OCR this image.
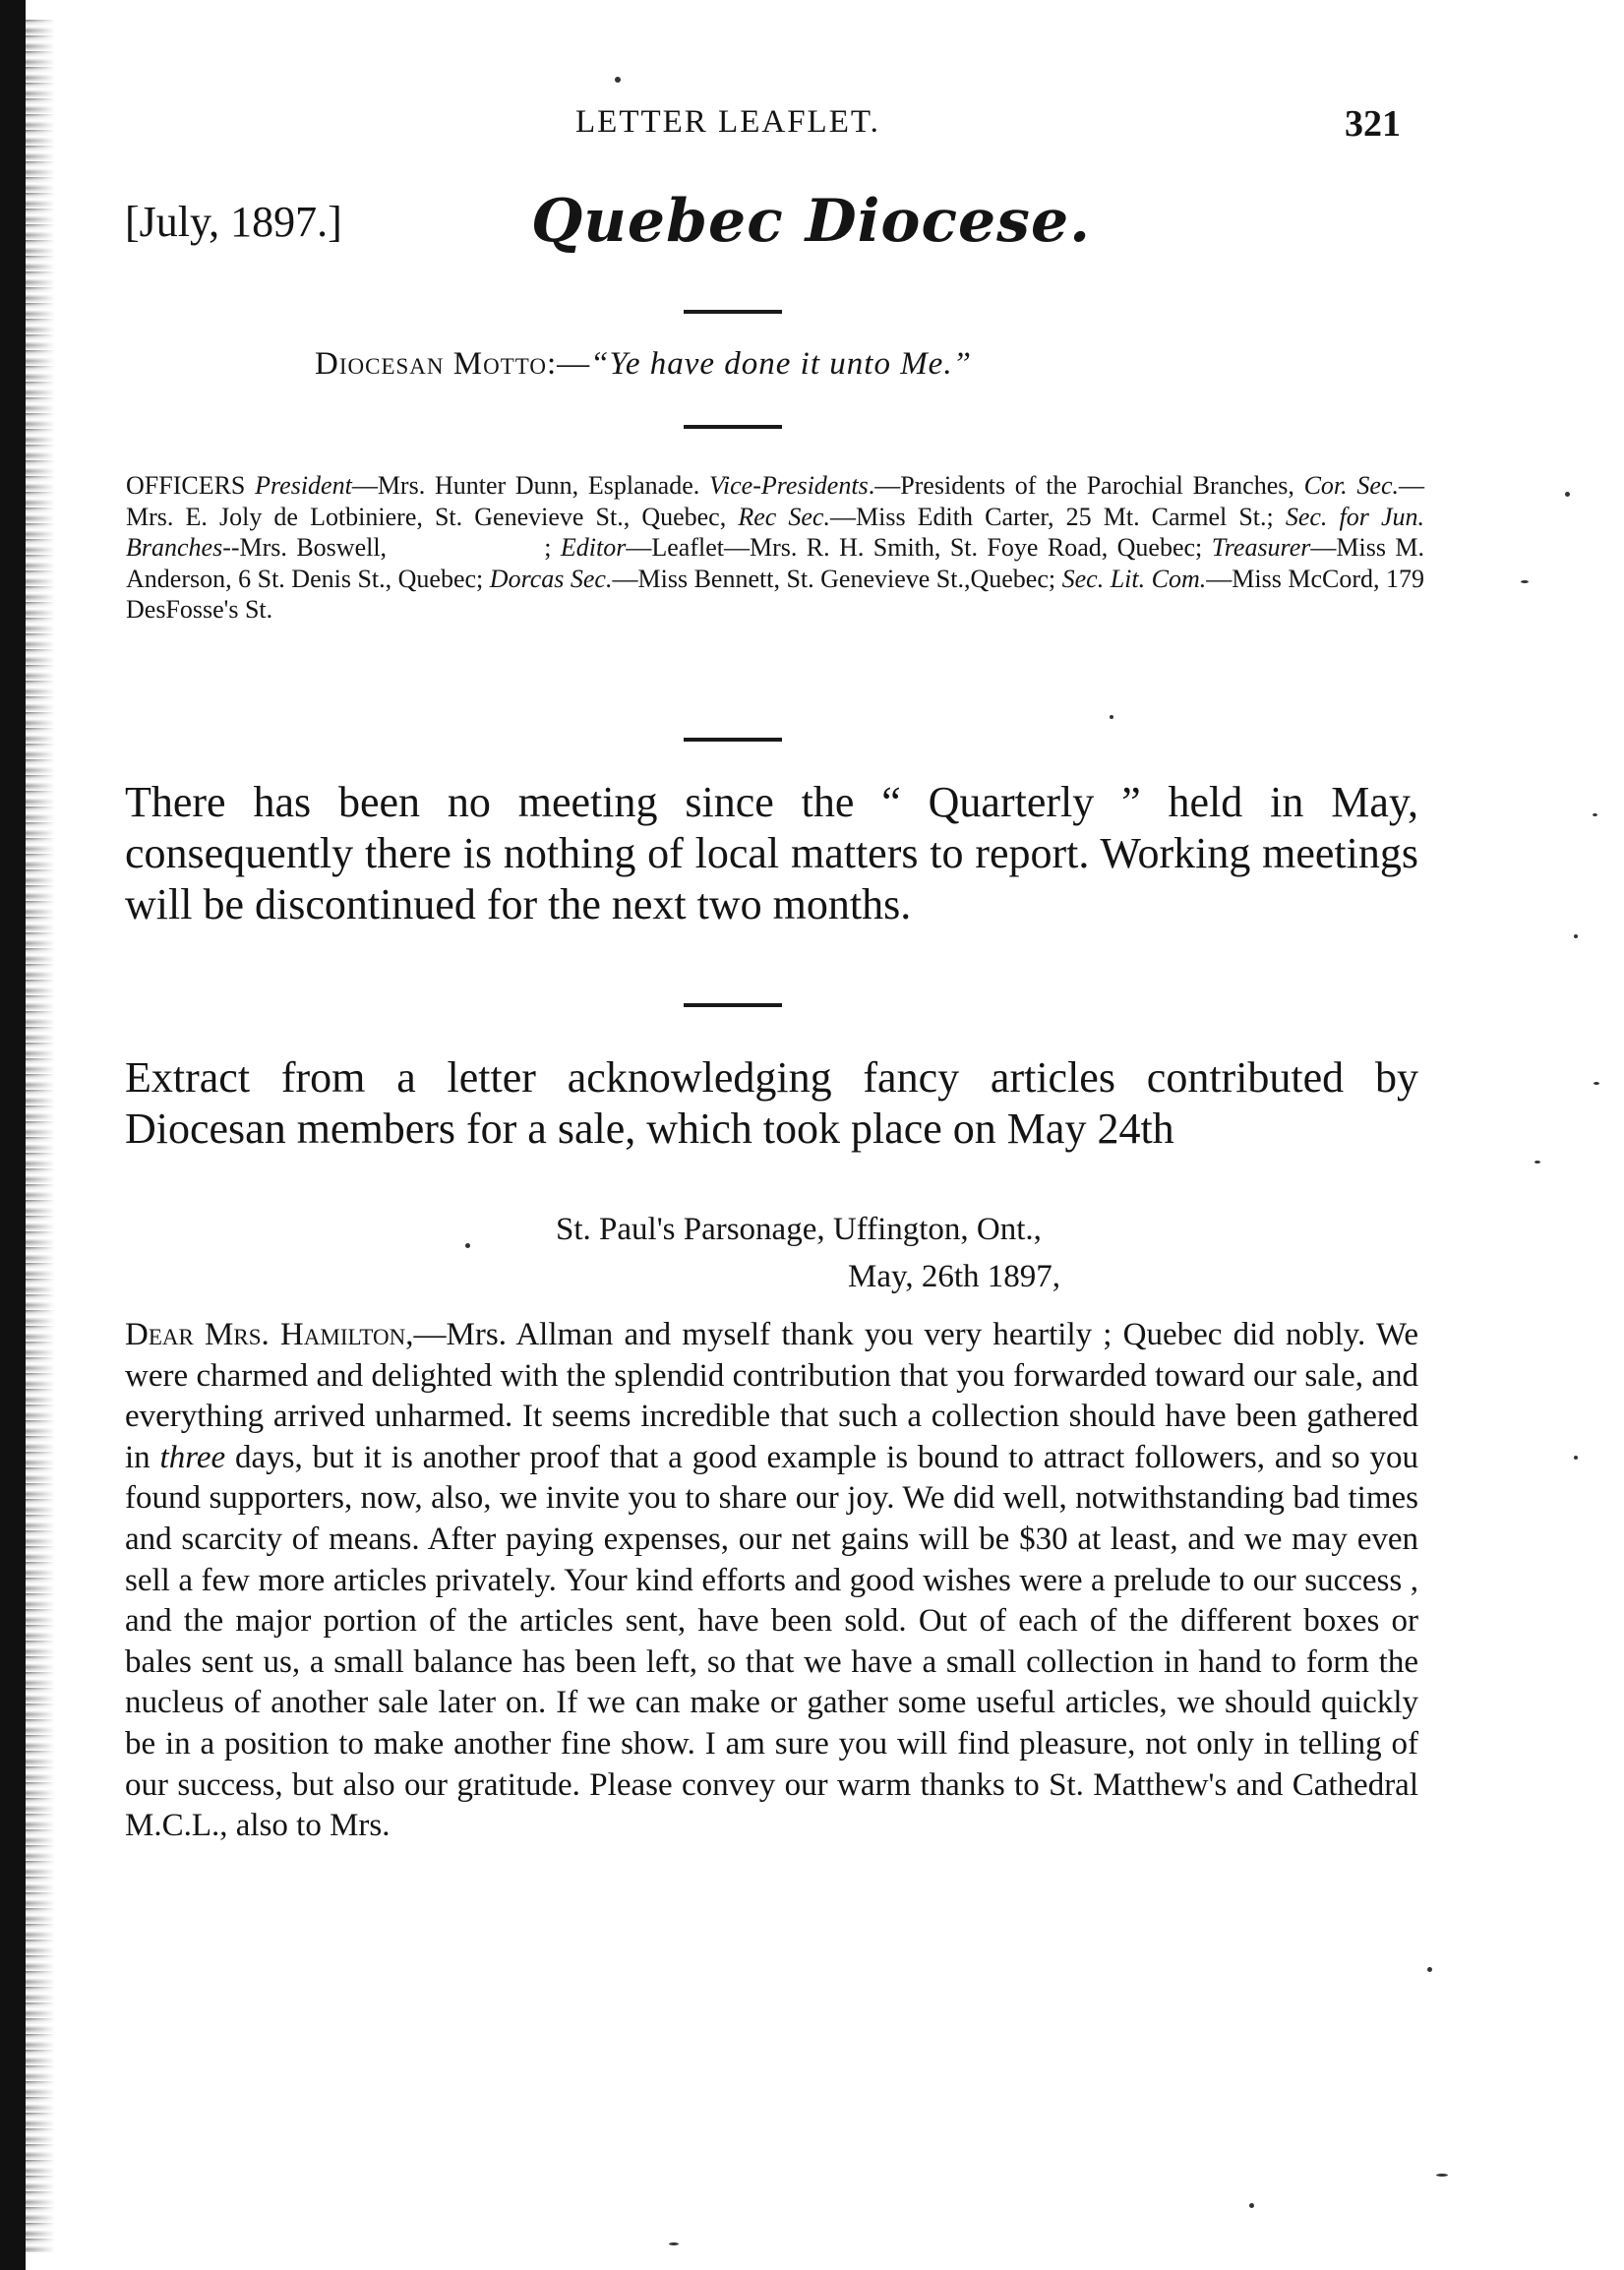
LETTER LEAFLET.	321
[July, 1897.]	Quebec Diocese.
Diocesan Motto:—“Ye have done it unto Me.”
OFFICERS President—Mrs. Hunter Dunn, Esplanade. Vice-Presidents.—Presidents of the Parochial Branches, Cor. Sec.—Mrs. E. Joly de Lotbiniere, St. Genevieve St., Quebec, Rec Sec.—Miss Edith Carter, 25 Mt. Carmel St.; Sec. for Jun. Branches--Mrs. Boswell,                 ; Editor—Leaflet—Mrs. R. H. Smith, St. Foye Road, Quebec; Treasurer—Miss M. Anderson, 6 St. Denis St., Quebec; Dorcas Sec.—Miss Bennett, St. Genevieve St.,Quebec; Sec. Lit. Com.—Miss McCord, 179 DesFosse's St.
There has been no meeting since the “ Quarterly ” held in May, consequently there is nothing of local matters to report. Working meetings will be discontinued for the next two months.
Extract from a letter acknowledging fancy articles contributed by Diocesan members for a sale, which took place on May 24th
St. Paul's Parsonage, Uffington, Ont.,
May, 26th 1897,
Dear Mrs. Hamilton,—Mrs. Allman and myself thank you very heartily ; Quebec did nobly. We were charmed and delighted with the splendid contribution that you forwarded toward our sale, and everything arrived unharmed. It seems incredible that such a collection should have been gathered in three days, but it is another proof that a good example is bound to attract followers, and so you found supporters, now, also, we invite you to share our joy. We did well, notwithstanding bad times and scarcity of means. After paying expenses, our net gains will be $30 at least, and we may even sell a few more articles privately. Your kind efforts and good wishes were a prelude to our success , and the major portion of the articles sent, have been sold. Out of each of the different boxes or bales sent us, a small balance has been left, so that we have a small collection in hand to form the nucleus of another sale later on. If we can make or gather some useful articles, we should quickly be in a position to make another fine show. I am sure you will find pleasure, not only in telling of our success, but also our gratitude. Please convey our warm thanks to St. Matthew's and Cathedral M.C.L., also to Mrs.
